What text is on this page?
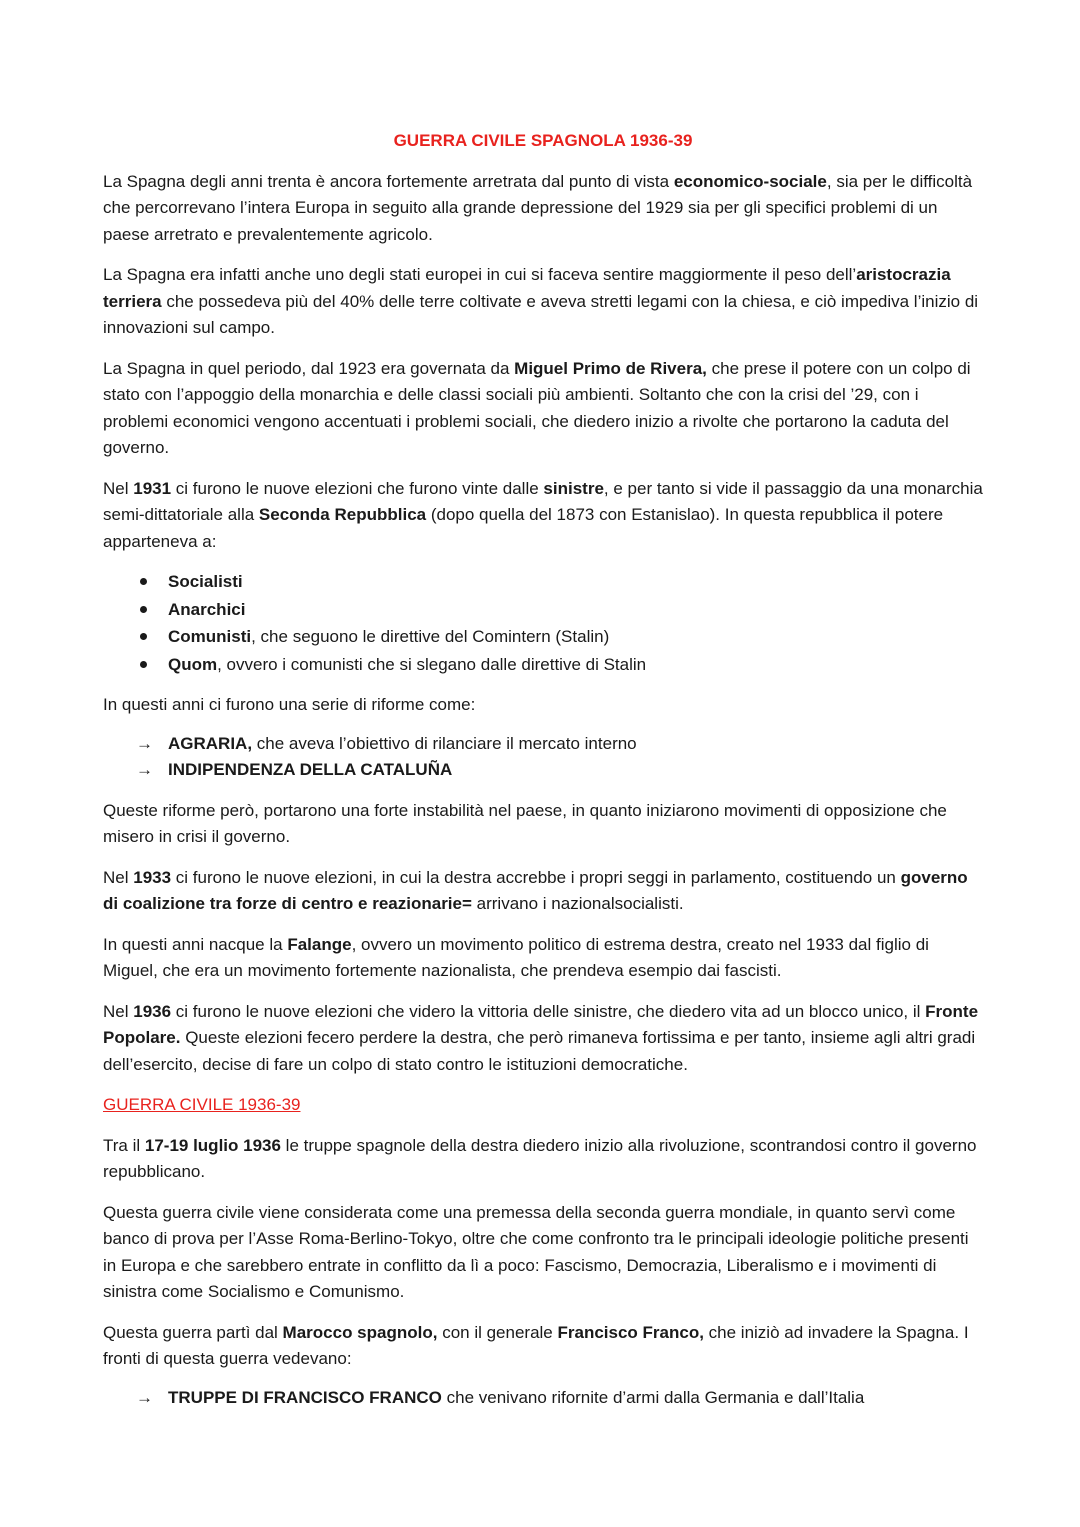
GUERRA CIVILE SPAGNOLA 1936-39

La Spagna degli anni trenta è ancora fortemente arretrata dal punto di vista economico-sociale, sia per le difficoltà che percorrevano l’intera Europa in seguito alla grande depressione del 1929 sia per gli specifici problemi di un paese arretrato e prevalentemente agricolo.

La Spagna era infatti anche uno degli stati europei in cui si faceva sentire maggiormente il peso dell’aristocrazia terriera che possedeva più del 40% delle terre coltivate e aveva stretti legami con la chiesa, e ciò impediva l’inizio di innovazioni sul campo.

La Spagna in quel periodo, dal 1923 era governata da Miguel Primo de Rivera, che prese il potere con un colpo di stato con l’appoggio della monarchia e delle classi sociali più ambienti. Soltanto che con la crisi del ’29, con i problemi economici vengono accentuati i problemi sociali, che diedero inizio a rivolte che portarono la caduta del governo.

Nel 1931 ci furono le nuove elezioni che furono vinte dalle sinistre, e per tanto si vide il passaggio da una monarchia semi-dittatoriale alla Seconda Repubblica (dopo quella del 1873 con Estanislao). In questa repubblica il potere apparteneva a:

Socialisti
Anarchici
Comunisti, che seguono le direttive del Comintern (Stalin)
Quom, ovvero i comunisti che si slegano dalle direttive di Stalin

In questi anni ci furono una serie di riforme come:

→ AGRARIA, che aveva l’obiettivo di rilanciare il mercato interno
→ INDIPENDENZA DELLA CATALUÑA

Queste riforme però, portarono una forte instabilità nel paese, in quanto iniziarono movimenti di opposizione che misero in crisi il governo.

Nel 1933 ci furono le nuove elezioni, in cui la destra accrebbe i propri seggi in parlamento, costituendo un governo di coalizione tra forze di centro e reazionarie= arrivano i nazionalsocialisti.

In questi anni nacque la Falange, ovvero un movimento politico di estrema destra, creato nel 1933 dal figlio di Miguel, che era un movimento fortemente nazionalista, che prendeva esempio dai fascisti.

Nel 1936 ci furono le nuove elezioni che videro la vittoria delle sinistre, che diedero vita ad un blocco unico, il Fronte Popolare. Queste elezioni fecero perdere la destra, che però rimaneva fortissima e per tanto, insieme agli altri gradi dell’esercito, decise di fare un colpo di stato contro le istituzioni democratiche.

GUERRA CIVILE 1936-39

Tra il 17-19 luglio 1936 le truppe spagnole della destra diedero inizio alla rivoluzione, scontrandosi contro il governo repubblicano.

Questa guerra civile viene considerata come una premessa della seconda guerra mondiale, in quanto servì come banco di prova per l’Asse Roma-Berlino-Tokyo, oltre che come confronto tra le principali ideologie politiche presenti in Europa e che sarebbero entrate in conflitto da lì a poco: Fascismo, Democrazia, Liberalismo e i movimenti di sinistra come Socialismo e Comunismo.

Questa guerra partì dal Marocco spagnolo, con il generale Francisco Franco, che iniziò ad invadere la Spagna. I fronti di questa guerra vedevano:

→ TRUPPE DI FRANCISCO FRANCO che venivano rifornite d’armi dalla Germania e dall’Italia
